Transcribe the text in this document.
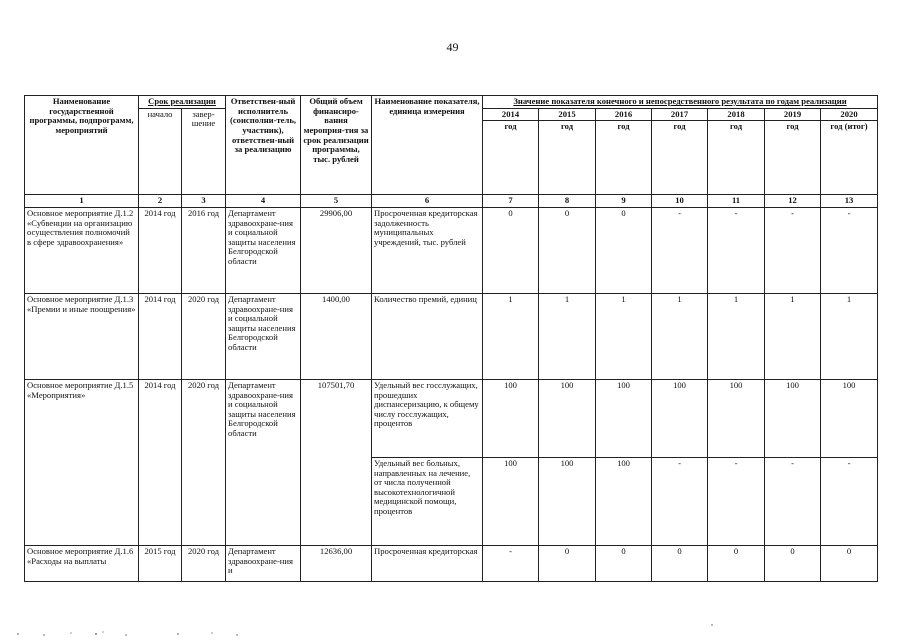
49
Наименование государственной программы, подпрограмм, мероприятий	Срок реализации		Ответствен-ный исполнитель (соисполни-тель, участник), ответствен-ный за реализацию	Общий объем финансиро-вания мероприя-тия за срок реализации программы, тыс. рублей	Наименование показателя, единица измерения	Значение показателя конечного и непосредственного результата по годам реализации						
	начало	завер-шение				2014	2015	2016	2017	2018	2019	2020
						год	год	год	год	год	год	год (итог)
1	2	3	4	5	6	7	8	9	10	11	12	13
Основное мероприятие Д.1.2 «Субвенции на организацию осуществления полномочий в сфере здравоохранения»	2014 год	2016 год	Департамент здравоохране-ния и социальной защиты населения Белгородской области	29906,00	Просроченная кредиторская задолженность муниципальных учреждений, тыс. рублей	0	0	0	-	-	-	-
Основное мероприятие Д.1.3 «Премии и иные поощрения»	2014 год	2020 год	Департамент здравоохране-ния и социальной защиты населения Белгородской области	1400,00	Количество премий, единиц	1	1	1	1	1	1	1
Основное мероприятие Д.1.5 «Мероприятия»	2014 год	2020 год	Департамент здравоохране-ния и социальной защиты населения Белгородской области	107501,70	Удельный вес госслужащих, прошедших диспансеризацию, к общему числу госслужащих, процентов	100	100	100	100	100	100	100
					Удельный вес больных, направленных на лечение, от числа полученной высокотехнологичной медицинской помощи, процентов	100	100	100	-	-	-	-
Основное мероприятие Д.1.6 «Расходы на выплаты	2015 год	2020 год	Департамент здравоохране-ния и	12636,00	Просроченная кредиторская	-	0	0	0	0	0	0
